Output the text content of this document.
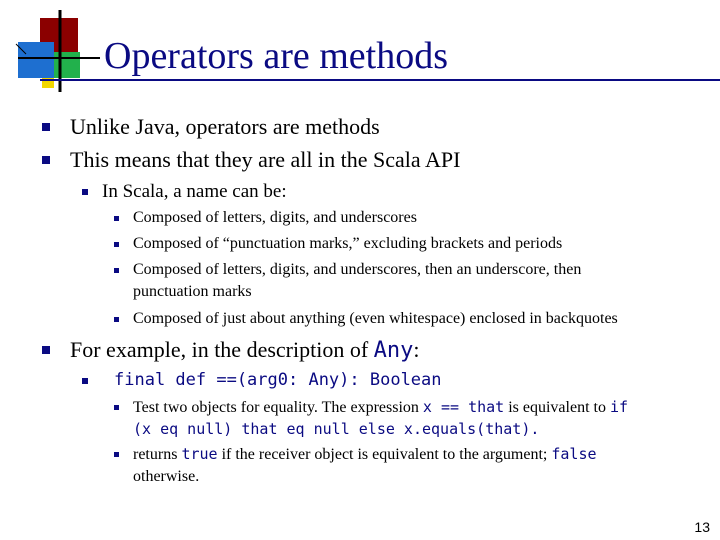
Operators are methods
Unlike Java, operators are methods
This means that they are all in the Scala API
In Scala, a name can be:
Composed of letters, digits, and underscores
Composed of “punctuation marks,” excluding brackets and periods
Composed of letters, digits, and underscores, then an underscore, then
punctuation marks
Composed of just about anything (even whitespace) enclosed in backquotes
For example, in the description of Any:
final def ==(arg0: Any): Boolean
Test two objects for equality. The expression x == that is equivalent to if
(x eq null) that eq null else x.equals(that).
returns true if the receiver object is equivalent to the argument; false
otherwise.
13
